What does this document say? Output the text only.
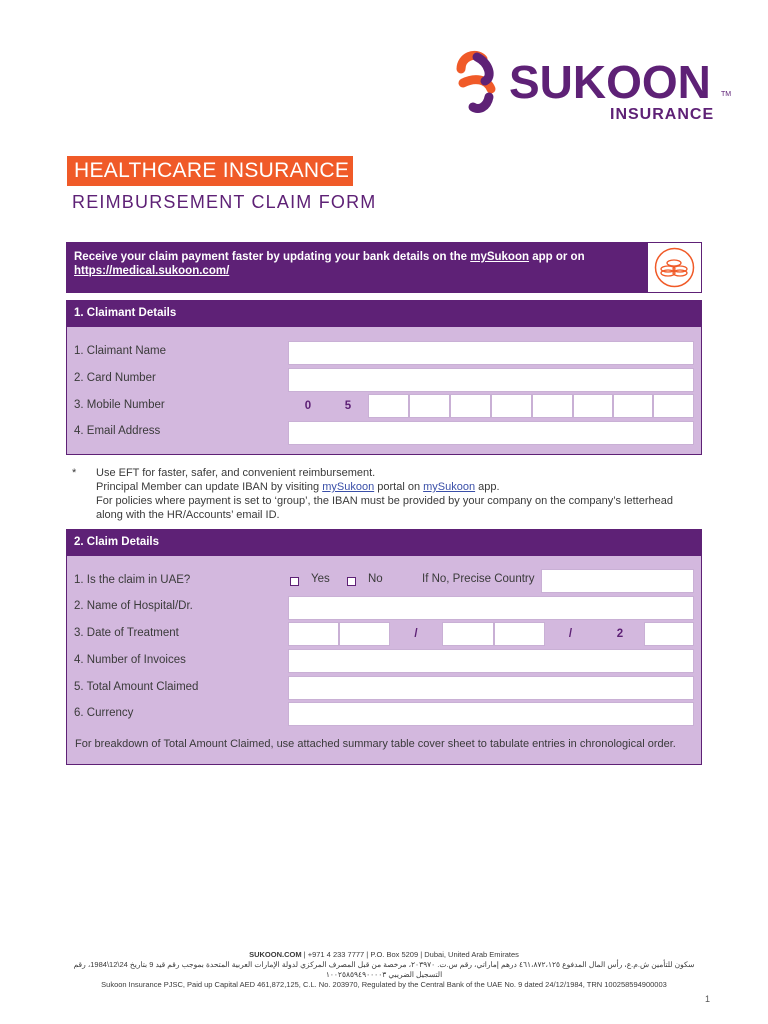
SUKOON TM
INSURANCE
HEALTHCARE INSURANCE
REIMBURSEMENT CLAIM FORM
Receive your claim payment faster by updating your bank details on the mySukoon app or on
https://medical.sukoon.com/
1. Claimant Details
1. Claimant Name
2. Card Number
3. Mobile Number	0	5
4. Email Address
* Use EFT for faster, safer, and convenient reimbursement.
Principal Member can update IBAN by visiting mySukoon portal on mySukoon app.
For policies where payment is set to ‘group’, the IBAN must be provided by your company on the company’s letterhead
along with the HR/Accounts’ email ID.
2. Claim Details
1. Is the claim in UAE?	Yes	No	If No, Precise Country
2. Name of Hospital/Dr.
3. Date of Treatment	/	/	2
4. Number of Invoices
5. Total Amount Claimed
6. Currency
For breakdown of Total Amount Claimed, use attached summary table cover sheet to tabulate entries in chronological order.
SUKOON.COM | +971 4 233 7777 | P.O. Box 5209 | Dubai, United Arab Emirates
سكون للتأمين ش.م.ع، رأس المال المدفوع ٤٦١،٨٧٢،١٢٥ درهم إماراتي، رقم س.ت. ٢٠٣٩٧٠، مرخصة من قبل المصرف المركزي لدولة الإمارات العربية المتحدة بموجب رقم قيد 9 بتاريخ 24\12\1984، رقم التسجيل الضريبي ١٠٠٢٥٨٥٩٤٩٠٠٠٠٣
Sukoon Insurance PJSC, Paid up Capital AED 461,872,125, C.L. No. 203970, Regulated by the Central Bank of the UAE No. 9 dated 24/12/1984, TRN 100258594900003
1
